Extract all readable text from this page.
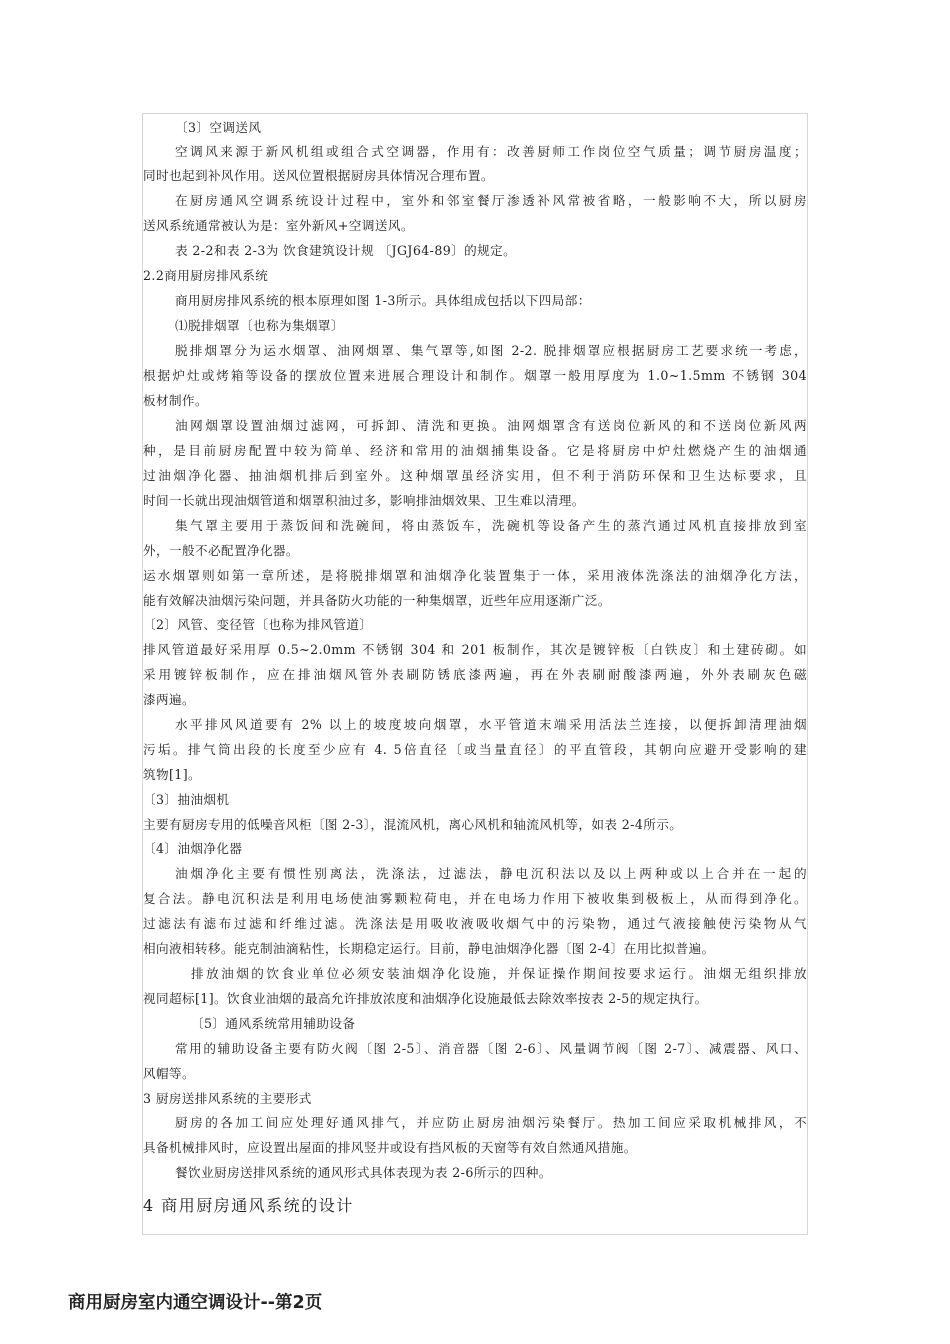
〔3〕空调送风
空调风来源于新风机组或组合式空调器，作用有：改善厨师工作岗位空气质量；调节厨房温度；
同时也起到补风作用。送风位置根据厨房具体情况合理布置。
在厨房通风空调系统设计过程中，室外和邻室餐厅渗透补风常被省略，一般影响不大，所以厨房
送风系统通常被认为是：室外新风+空调送风。
表 2-2和表 2-3为 饮食建筑设计规 〔JGJ64-89〕的规定。
2.2商用厨房排风系统
商用厨房排风系统的根本原理如图 1-3所示。具体组成包括以下四局部：
⑴脱排烟罩〔也称为集烟罩〕
脱排烟罩分为运水烟罩、油网烟罩、集气罩等,如图 2-2. 脱排烟罩应根据厨房工艺要求统一考虑，
根据炉灶或烤箱等设备的摆放位置来进展合理设计和制作。烟罩一般用厚度为 1.0~1.5mm 不锈钢 304
板材制作。
油网烟罩设置油烟过滤网，可拆卸、清洗和更换。油网烟罩含有送岗位新风的和不送岗位新风两
种，是目前厨房配置中较为简单、经济和常用的油烟捕集设备。它是将厨房中炉灶燃烧产生的油烟通
过油烟净化器、抽油烟机排后到室外。这种烟罩虽经济实用，但不利于消防环保和卫生达标要求，且
时间一长就出现油烟管道和烟罩积油过多，影响排油烟效果、卫生难以清理。
集气罩主要用于蒸饭间和洗碗间，将由蒸饭车，洗碗机等设备产生的蒸汽通过风机直接排放到室
外，一般不必配置净化器。
运水烟罩则如第一章所述，是将脱排烟罩和油烟净化装置集于一体，采用液体洗涤法的油烟净化方法，
能有效解决油烟污染问题，并具备防火功能的一种集烟罩，近些年应用逐渐广泛。
〔2〕风管、变径管〔也称为排风管道〕
排风管道最好采用厚 0.5~2.0mm 不锈钢 304 和 201 板制作，其次是镀锌板〔白铁皮〕和土建砖砌。如
采用镀锌板制作，应在排油烟风管外表刷防锈底漆两遍，再在外表刷耐酸漆两遍，外外表刷灰色磁
漆两遍。
水平排风风道要有 2% 以上的坡度坡向烟罩，水平管道末端采用活法兰连接，以便拆卸清理油烟
污垢。排气筒出段的长度至少应有 4. 5倍直径〔或当量直径〕的平直管段，其朝向应避开受影响的建
筑物[1]。
〔3〕抽油烟机
主要有厨房专用的低噪音风柜〔图 2-3〕，混流风机，离心风机和轴流风机等，如表 2-4所示。
〔4〕油烟净化器
油烟净化主要有惯性别离法，洗涤法，过滤法，静电沉积法以及以上两种或以上合并在一起的
复合法。静电沉积法是利用电场使油雾颗粒荷电，并在电场力作用下被收集到极板上，从而得到净化。
过滤法有滤布过滤和纤维过滤。洗涤法是用吸收液吸收烟气中的污染物，通过气液接触使污染物从气
相向液相转移。能克制油滴粘性，长期稳定运行。目前，静电油烟净化器〔图 2-4〕在用比拟普遍。
排放油烟的饮食业单位必须安装油烟净化设施，并保证操作期间按要求运行。油烟无组织排放
视同超标[1]。饮食业油烟的最高允许排放浓度和油烟净化设施最低去除效率按表 2-5的规定执行。
〔5〕通风系统常用辅助设备
常用的辅助设备主要有防火阀〔图 2-5〕、消音器〔图 2-6〕、风量调节阀〔图 2-7〕、减震器、风口、
风帽等。
3 厨房送排风系统的主要形式
厨房的各加工间应处理好通风排气，并应防止厨房油烟污染餐厅。热加工间应采取机械排风，不
具备机械排风时，应设置出屋面的排风竖井或设有挡风板的天窗等有效自然通风措施。
餐饮业厨房送排风系统的通风形式具体表现为表 2-6所示的四种。
4 商用厨房通风系统的设计
商用厨房室内通空调设计--第2页
